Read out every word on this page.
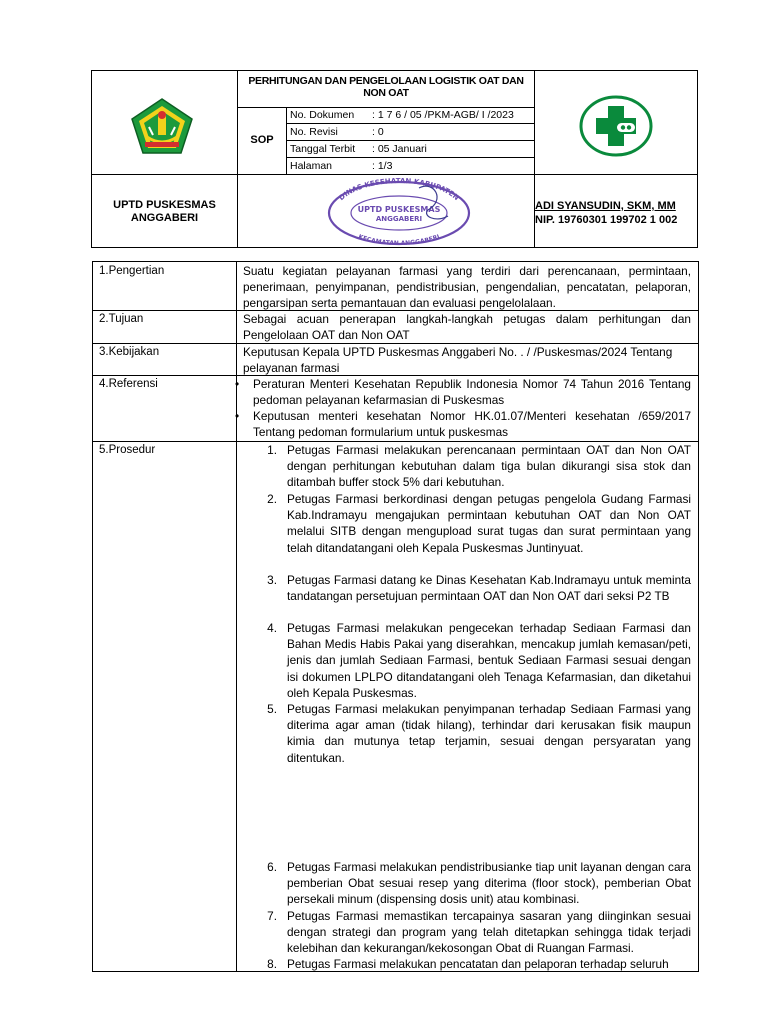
PERHITUNGAN DAN PENGELOLAAN LOGISTIK OAT DAN NON OAT
SOP
No. Dokumen : 1 7 6 / 05 /PKM-AGB/ I /2023
No. Revisi	: 0
Tanggal Terbit : 05 Januari
Halaman	: 1/3
UPTD PUSKESMAS ANGGABERI
DINAS KESEHATAN KABUPATEN
UPTD PUSKESMAS
ANGGABERI
KECAMATAN ANGGABERI
ADI SYANSUDIN, SKM, MM
NIP. 19760301 199702 1 002
1.Pengertian	Suatu kegiatan pelayanan farmasi yang terdiri dari perencanaan, permintaan, penerimaan, penyimpanan, pendistribusian, pengendalian, pencatatan, pelaporan, pengarsipan serta pemantauan dan evaluasi pengelolalaan.
2.Tujuan	Sebagai acuan penerapan langkah-langkah petugas dalam perhitungan dan Pengelolaan OAT dan Non OAT
3.Kebijakan	Keputusan Kepala UPTD Puskesmas Anggaberi No. . / /Puskesmas/2024 Tentang pelayanan farmasi
4.Referensi	• Peraturan Menteri Kesehatan Republik Indonesia Nomor 74 Tahun 2016 Tentang pedoman pelayanan kefarmasian di Puskesmas
• Keputusan menteri kesehatan Nomor HK.01.07/Menteri kesehatan /659/2017 Tentang pedoman formularium untuk puskesmas
5.Prosedur	1. Petugas Farmasi melakukan perencanaan permintaan OAT dan Non OAT dengan perhitungan kebutuhan dalam tiga bulan dikurangi sisa stok dan ditambah buffer stock 5% dari kebutuhan.
2. Petugas Farmasi berkordinasi dengan petugas pengelola Gudang Farmasi Kab.Indramayu mengajukan permintaan kebutuhan OAT dan Non OAT melalui SITB dengan mengupload surat tugas dan surat permintaan yang telah ditandatangani oleh Kepala Puskesmas Juntinyuat.
3. Petugas Farmasi datang ke Dinas Kesehatan Kab.Indramayu untuk meminta tandatangan persetujuan permintaan OAT dan Non OAT dari seksi P2 TB
4. Petugas Farmasi melakukan pengecekan terhadap Sediaan Farmasi dan Bahan Medis Habis Pakai yang diserahkan, mencakup jumlah kemasan/peti, jenis dan jumlah Sediaan Farmasi, bentuk Sediaan Farmasi sesuai dengan isi dokumen LPLPO ditandatangani oleh Tenaga Kefarmasian, dan diketahui oleh Kepala Puskesmas.
5. Petugas Farmasi melakukan penyimpanan terhadap Sediaan Farmasi yang diterima agar aman (tidak hilang), terhindar dari kerusakan fisik maupun kimia dan mutunya tetap terjamin, sesuai dengan persyaratan yang ditentukan.
6. Petugas Farmasi melakukan pendistribusianke tiap unit layanan dengan cara pemberian Obat sesuai resep yang diterima (floor stock), pemberian Obat persekali minum (dispensing dosis unit) atau kombinasi.
7. Petugas Farmasi memastikan tercapainya sasaran yang diinginkan sesuai dengan strategi dan program yang telah ditetapkan sehingga tidak terjadi kelebihan dan kekurangan/kekosongan Obat di Ruangan Farmasi.
8. Petugas Farmasi melakukan pencatatan dan pelaporan terhadap seluruh
